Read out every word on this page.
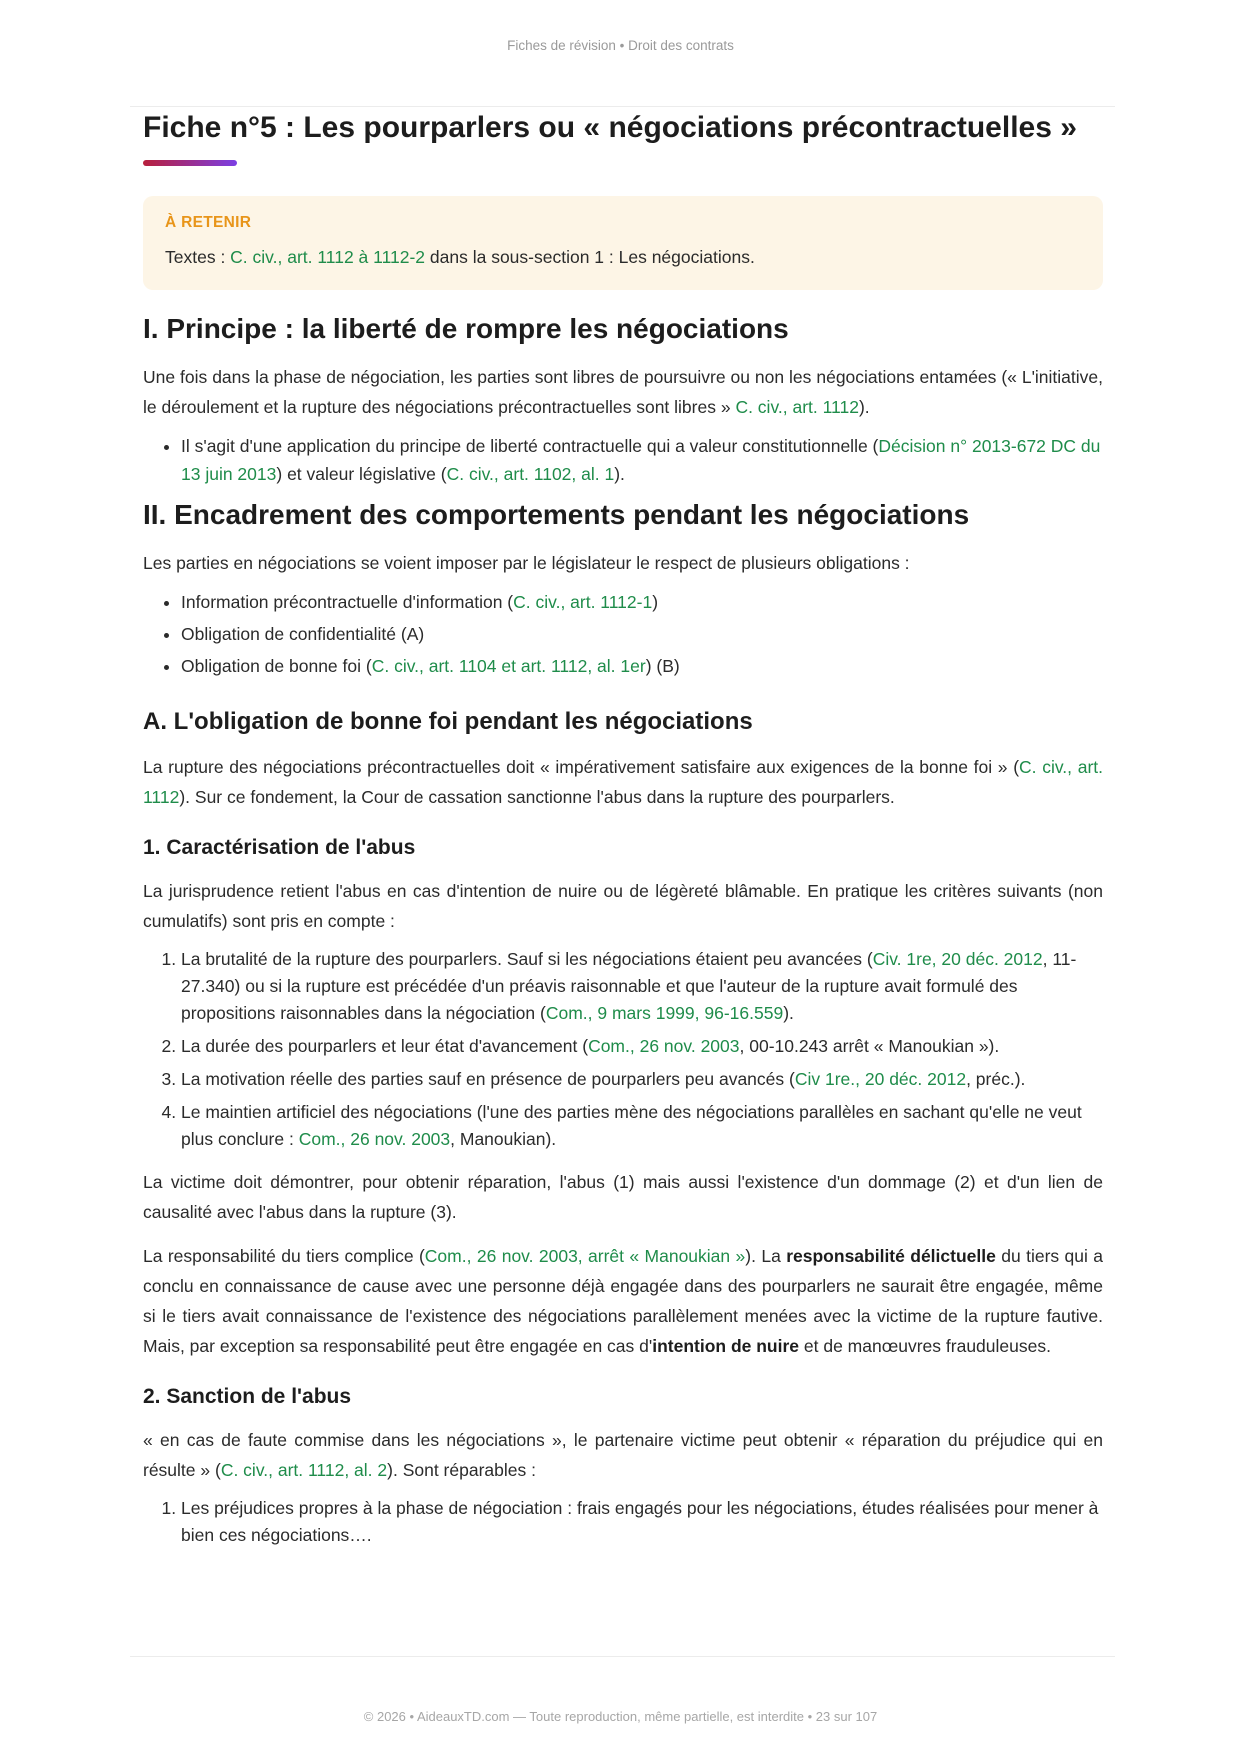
Fiches de révision • Droit des contrats
Fiche n°5 : Les pourparlers ou « négociations précontractuelles »
À RETENIR
Textes : C. civ., art. 1112 à 1112-2 dans la sous-section 1 : Les négociations.
I. Principe : la liberté de rompre les négociations

Une fois dans la phase de négociation, les parties sont libres de poursuivre ou non les négociations entamées (« L'initiative, le déroulement et la rupture des négociations précontractuelles sont libres » C. civ., art. 1112).

• Il s'agit d'une application du principe de liberté contractuelle qui a valeur constitutionnelle (Décision n° 2013-672 DC du 13 juin 2013) et valeur législative (C. civ., art. 1102, al. 1).
II. Encadrement des comportements pendant les négociations

Les parties en négociations se voient imposer par le législateur le respect de plusieurs obligations :

• Information précontractuelle d'information (C. civ., art. 1112-1)
• Obligation de confidentialité (A)
• Obligation de bonne foi (C. civ., art. 1104 et art. 1112, al. 1er) (B)
A. L'obligation de bonne foi pendant les négociations

La rupture des négociations précontractuelles doit « impérativement satisfaire aux exigences de la bonne foi » (C. civ., art. 1112). Sur ce fondement, la Cour de cassation sanctionne l'abus dans la rupture des pourparlers.

1. Caractérisation de l'abus

La jurisprudence retient l'abus en cas d'intention de nuire ou de légèreté blâmable. En pratique les critères suivants (non cumulatifs) sont pris en compte :

1. La brutalité de la rupture des pourparlers. Sauf si les négociations étaient peu avancées (Civ. 1re, 20 déc. 2012, 11-27.340) ou si la rupture est précédée d'un préavis raisonnable et que l'auteur de la rupture avait formulé des propositions raisonnables dans la négociation (Com., 9 mars 1999, 96-16.559).
2. La durée des pourparlers et leur état d'avancement (Com., 26 nov. 2003, 00-10.243 arrêt « Manoukian »).
3. La motivation réelle des parties sauf en présence de pourparlers peu avancés (Civ 1re., 20 déc. 2012, préc.).
4. Le maintien artificiel des négociations (l'une des parties mène des négociations parallèles en sachant qu'elle ne veut plus conclure : Com., 26 nov. 2003, Manoukian).

La victime doit démontrer, pour obtenir réparation, l'abus (1) mais aussi l'existence d'un dommage (2) et d'un lien de causalité avec l'abus dans la rupture (3).

La responsabilité du tiers complice (Com., 26 nov. 2003, arrêt « Manoukian »). La responsabilité délictuelle du tiers qui a conclu en connaissance de cause avec une personne déjà engagée dans des pourparlers ne saurait être engagée, même si le tiers avait connaissance de l'existence des négociations parallèlement menées avec la victime de la rupture fautive. Mais, par exception sa responsabilité peut être engagée en cas d'intention de nuire et de manœuvres frauduleuses.

2. Sanction de l'abus

« en cas de faute commise dans les négociations », le partenaire victime peut obtenir « réparation du préjudice qui en résulte » (C. civ., art. 1112, al. 2). Sont réparables :

1. Les préjudices propres à la phase de négociation : frais engagés pour les négociations, études réalisées pour mener à bien ces négociations….
© 2026 • AideauxTD.com — Toute reproduction, même partielle, est interdite • 23 sur 107
